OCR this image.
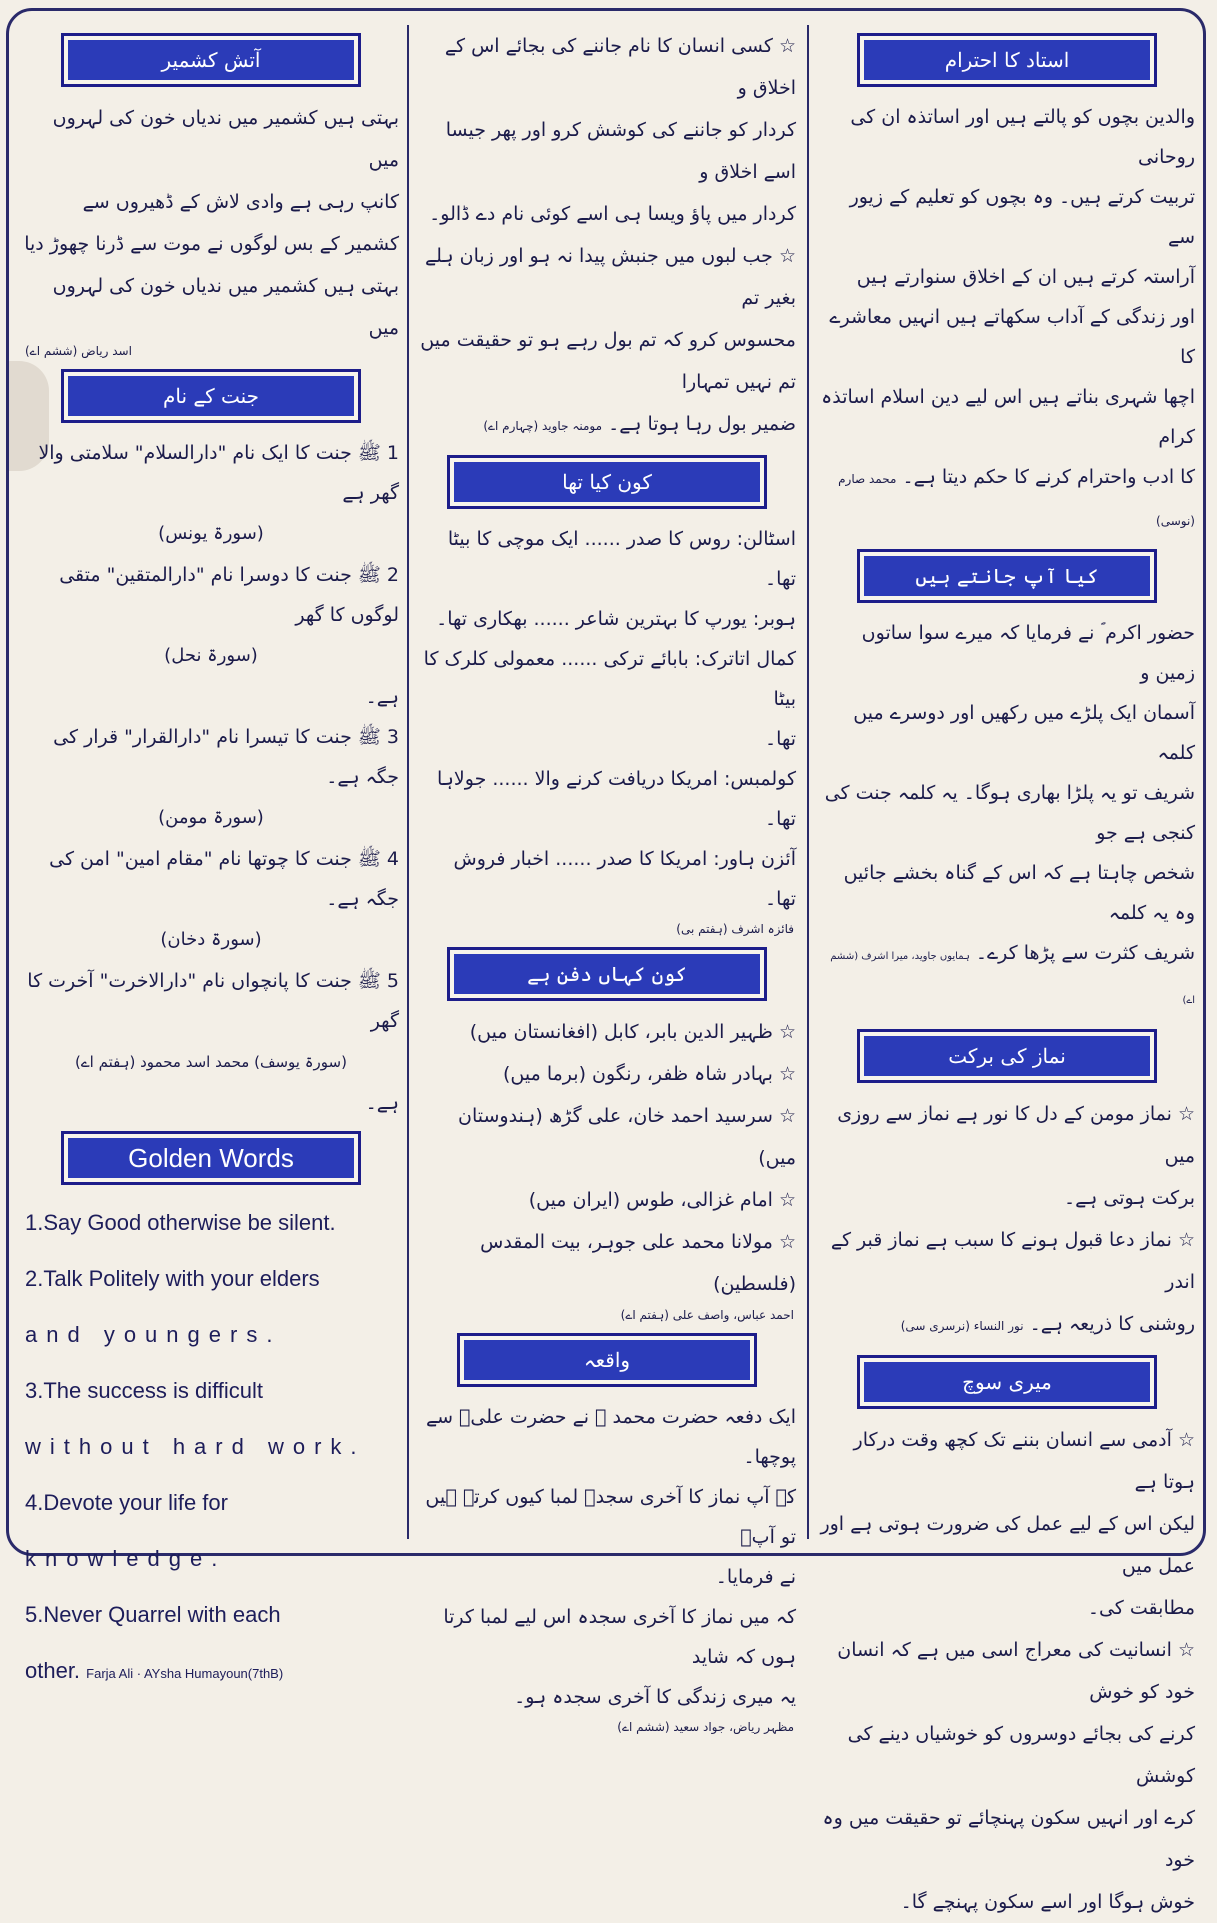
استاد کا احترام
والدین بچوں کو پالتے ہیں اور اساتذہ ان کی روحانی
تربیت کرتے ہیں۔ وہ بچوں کو تعلیم کے زیور سے
آراستہ کرتے ہیں ان کے اخلاق سنوارتے ہیں
اور زندگی کے آداب سکھاتے ہیں انہیں معاشرے کا
اچھا شہری بناتے ہیں اس لیے دین اسلام اساتذہ کرام
کا ادب واحترام کرنے کا حکم دیتا ہے۔ محمد صارم (نوسی)
کیا آپ جانتے ہیں
حضور اکرم ؐ نے فرمایا کہ میرے سوا ساتوں زمین و
آسمان ایک پلڑے میں رکھیں اور دوسرے میں کلمہ
شریف تو یہ پلڑا بھاری ہوگا۔ یہ کلمہ جنت کی کنجی ہے جو
شخص چاہتا ہے کہ اس کے گناہ بخشے جائیں وہ یہ کلمہ
شریف کثرت سے پڑھا کرے۔ ہمایوں جاوید، میرا اشرف (ششم اے)
نماز کی برکت
☆ نماز مومن کے دل کا نور ہے نماز سے روزی میں
برکت ہوتی ہے۔
☆ نماز دعا قبول ہونے کا سبب ہے نماز قبر کے اندر
روشنی کا ذریعہ ہے۔ نور النساء (نرسری سی)
میری سوچ
☆ آدمی سے انسان بننے تک کچھ وقت درکار ہوتا ہے
لیکن اس کے لیے عمل کی ضرورت ہوتی ہے اور عمل میں
مطابقت کی۔
☆ انسانیت کی معراج اسی میں ہے کہ انسان خود کو خوش
کرنے کی بجائے دوسروں کو خوشیاں دینے کی کوشش
کرے اور انہیں سکون پہنچائے تو حقیقت میں وہ خود
خوش ہوگا اور اسے سکون پہنچے گا۔
☆ کسی انسان کا نام جاننے کی بجائے اس کے اخلاق و
کردار کو جاننے کی کوشش کرو اور پھر جیسا اسے اخلاق و
کردار میں پاؤ ویسا ہی اسے کوئی نام دے ڈالو۔
☆ جب لبوں میں جنبش پیدا نہ ہو اور زبان ہلے بغیر تم
محسوس کرو کہ تم بول رہے ہو تو حقیقت میں تم نہیں تمہارا
ضمیر بول رہا ہوتا ہے۔ مومنہ جاوید (چہارم اے)
کون کیا تھا
اسٹالن: روس کا صدر ...... ایک موچی کا بیٹا تھا۔
ہوبر: یورپ کا بہترین شاعر ...... بھکاری تھا۔
کمال اتاترک: بابائے ترکی ...... معمولی کلرک کا بیٹا
تھا۔
کولمبس: امریکا دریافت کرنے والا ...... جولاہا تھا۔
آئزن ہاور: امریکا کا صدر ...... اخبار فروش تھا۔
فائزہ اشرف (ہفتم بی)
کون کہاں دفن ہے
☆ ظہیر الدین بابر، کابل (افغانستان میں)
☆ بہادر شاہ ظفر، رنگون (برما میں)
☆ سرسید احمد خان، علی گڑھ (ہندوستان میں)
☆ امام غزالی، طوس (ایران میں)
☆ مولانا محمد علی جوہر، بیت المقدس (فلسطین)
احمد عباس، واصف علی (ہفتم اے)
واقعہ
ایک دفعہ حضرت محمد ؐ نے حضرت علیؓ سے پوچھا۔
کہ آپ نماز کا آخری سجدہ لمبا کیوں کرتے ہیں تو آپؓ
نے فرمایا۔
کہ میں نماز کا آخری سجدہ اس لیے لمبا کرتا ہوں کہ شاید
یہ میری زندگی کا آخری سجدہ ہو۔
مظہر ریاض، جواد سعید (ششم اے)
آتش کشمیر
بہتی ہیں کشمیر میں ندیاں خون کی لہروں میں
کانپ رہی ہے وادی لاش کے ڈھیروں سے
کشمیر کے بس لوگوں نے موت سے ڈرنا چھوڑ دیا
بہتی ہیں کشمیر میں ندیاں خون کی لہروں میں
اسد ریاض (ششم اے)
جنت کے نام
1 ﷺ جنت کا ایک نام "دارالسلام" سلامتی والا گھر ہے
(سورۃ یونس)
2 ﷺ جنت کا دوسرا نام "دارالمتقین" متقی لوگوں کا گھر
(سورۃ نحل)
ہے۔
3 ﷺ جنت کا تیسرا نام "دارالقرار" قرار کی جگہ ہے۔
(سورۃ مومن)
4 ﷺ جنت کا چوتھا نام "مقام امین" امن کی جگہ ہے۔
(سورۃ دخان)
5 ﷺ جنت کا پانچواں نام "دارالاخرت" آخرت کا گھر
(سورۃ یوسف) محمد اسد محمود (ہفتم اے)
ہے۔
Golden Words
1.Say Good otherwise be silent.
2.Talk Politely with your elders
and youngers.
3.The success is difficult
without hard work.
4.Devote your life for
knowledge.
5.Never Quarrel with each
other. Farja Ali · AYsha Humayoun(7thB)
